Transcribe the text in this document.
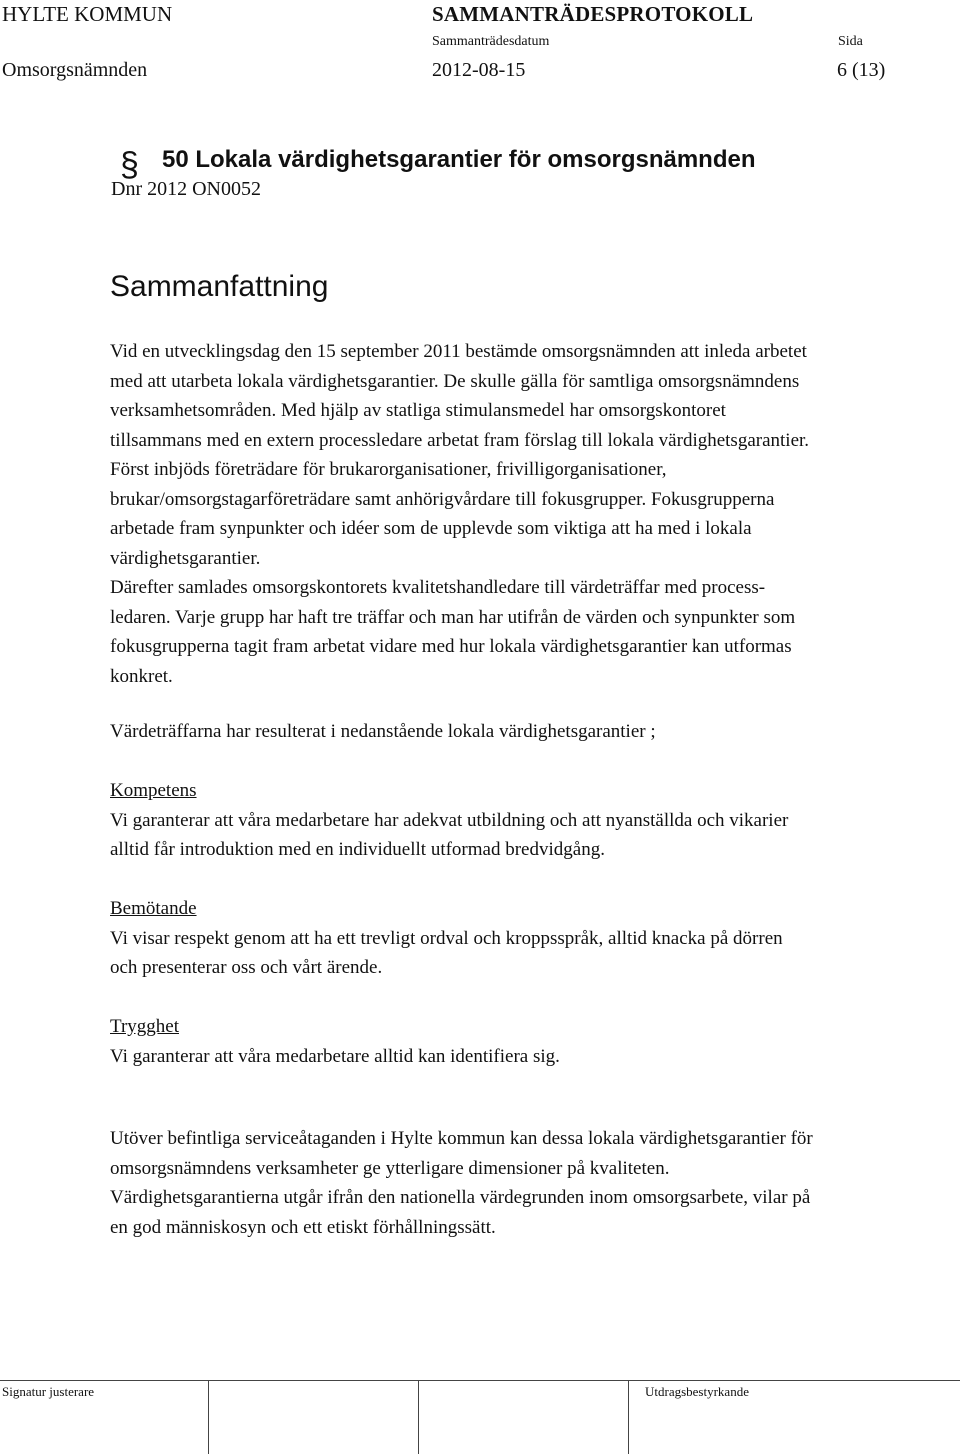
HYLTE KOMMUN	SAMMANTRÄDESPROTOKOLL
Sammanträdesdatum	Sida
Omsorgsnämnden	2012-08-15	6 (13)
§ 50 Lokala värdighetsgarantier för omsorgsnämnden
Dnr 2012 ON0052
Sammanfattning
Vid en utvecklingsdag den 15 september 2011 bestämde omsorgsnämnden att inleda arbetet
med att utarbeta lokala värdighetsgarantier. De skulle gälla för samtliga omsorgsnämndens
verksamhetsområden. Med hjälp av statliga stimulansmedel har omsorgskontoret
tillsammans med en extern processledare arbetat fram förslag till lokala värdighetsgarantier.
Först inbjöds företrädare för brukarorganisationer, frivilligorganisationer,
brukar/omsorgstagarföreträdare samt anhörigvårdare till fokusgrupper. Fokusgrupperna
arbetade fram synpunkter och idéer som de upplevde som viktiga att ha med i lokala
värdighetsgarantier.
Därefter samlades omsorgskontorets kvalitetshandledare till värdeträffar med process-
ledaren. Varje grupp har haft tre träffar och man har utifrån de värden och synpunkter som
fokusgrupperna tagit fram arbetat vidare med hur lokala värdighetsgarantier kan utformas
konkret.
Värdeträffarna har resulterat i nedanstående lokala värdighetsgarantier ;
Kompetens
Vi garanterar att våra medarbetare har adekvat utbildning och att nyanställda och vikarier
alltid får introduktion med en individuellt utformad bredvidgång.
Bemötande
Vi visar respekt genom att ha ett trevligt ordval och kroppsspråk, alltid knacka på dörren
och presenterar oss och vårt ärende.
Trygghet
Vi garanterar att våra medarbetare alltid kan identifiera sig.
Utöver befintliga serviceåtaganden i Hylte kommun kan dessa lokala värdighetsgarantier för
omsorgsnämndens verksamheter ge ytterligare dimensioner på kvaliteten.
Värdighetsgarantierna utgår ifrån den nationella värdegrunden inom omsorgsarbete, vilar på
en god människosyn och ett etiskt förhållningssätt.
Signatur justerare	Utdragsbestyrkande
